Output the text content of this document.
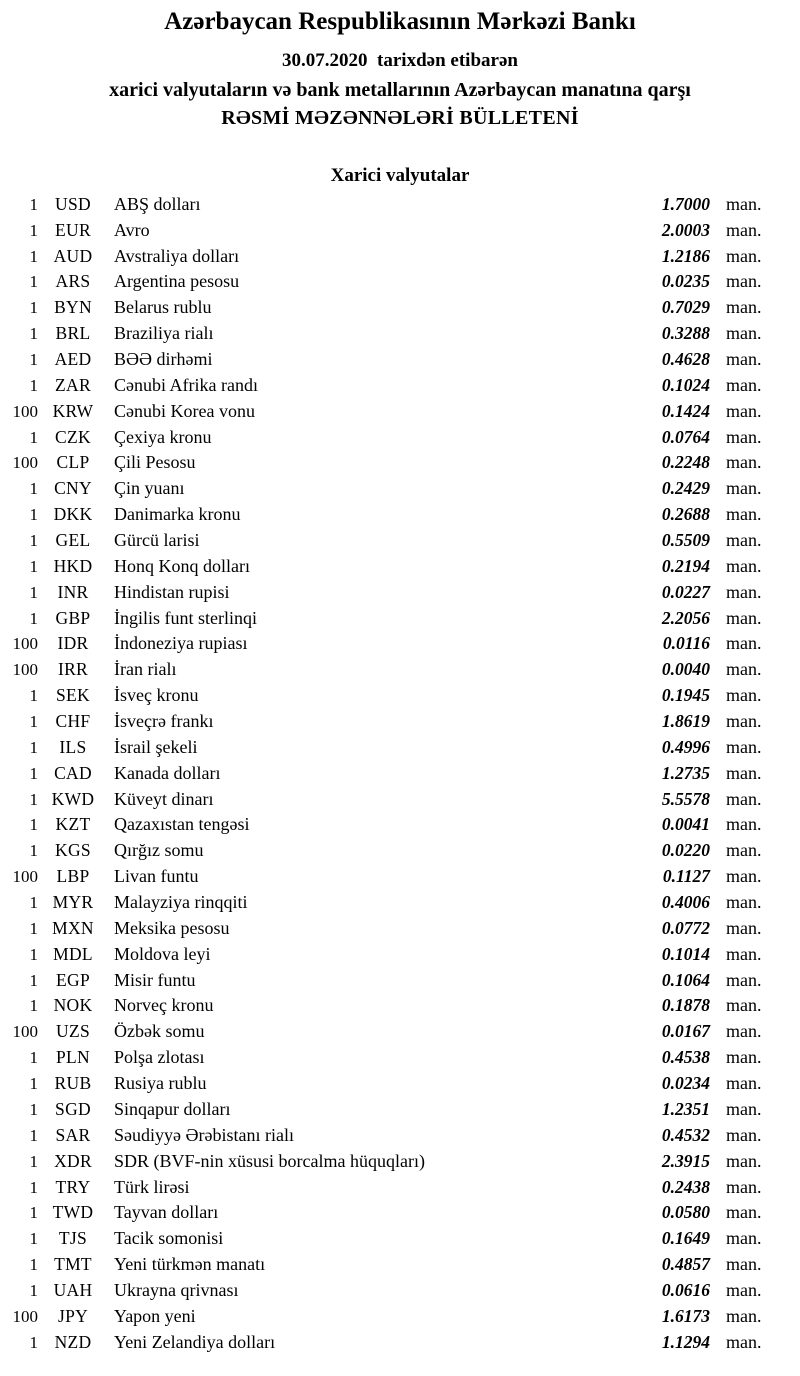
Azərbaycan Respublikasının Mərkəzi Bankı
30.07.2020  tarixdən etibarən
xarici valyutaların və bank metallarının Azərbaycan manatına qarşı
RƏSMİ MƏZƏNNƏLƏRİ BÜLLETENİ
Xarici valyutalar
1 USD	ABŞ dolları	1.7000 man.
1 EUR	Avro	2.0003 man.
1 AUD	Avstraliya dolları	1.2186 man.
1	ARS	Argentina pesosu	0.0235 man.
1 BYN	Belarus rublu	0.7029 man.
1	BRL	Braziliya rialı	0.3288 man.
1 AED	BƏƏ dirhəmi	0.4628 man.
1 ZAR	Cənubi Afrika randı	0.1024 man.
100 KRW	Cənubi Korea vonu	0.1424 man.
1 CZK	Çexiya kronu	0.0764 man.
100	CLP	Çili Pesosu	0.2248 man.
1 CNY	Çin yuanı	0.2429 man.
1 DKK	Danimarka kronu	0.2688 man.
1	GEL	Gürcü larisi	0.5509 man.
1 HKD	Honq Konq dolları	0.2194 man.
1	INR	Hindistan rupisi	0.0227 man.
1	GBP	İngilis funt sterlinqi	2.2056 man.
100	IDR	İndoneziya rupiası	0.0116 man.
100	IRR	İran rialı	0.0040 man.
1	SEK	İsveç kronu	0.1945 man.
1	CHF	İsveçrə frankı	1.8619 man.
1	ILS	İsrail şekeli	0.4996 man.
1 CAD	Kanada dolları	1.2735 man.
1 KWD	Küveyt dinarı	5.5578 man.
1	KZT	Qazaxıstan tengəsi	0.0041 man.
1 KGS	Qırğız somu	0.0220 man.
100	LBP	Livan funtu	0.1127 man.
1 MYR	Malayziya rinqqiti	0.4006 man.
1 MXN	Meksika pesosu	0.0772 man.
1 MDL	Moldova leyi	0.1014 man.
1	EGP	Misir funtu	0.1064 man.
1 NOK	Norveç kronu	0.1878 man.
100	UZS	Özbək somu	0.0167 man.
1	PLN	Polşa zlotası	0.4538 man.
1 RUB	Rusiya rublu	0.0234 man.
1 SGD	Sinqapur dolları	1.2351 man.
1	SAR	Səudiyyə Ərəbistanı rialı	0.4532 man.
1 XDR	SDR (BVF-nin xüsusi borcalma hüquqları)	2.3915 man.
1	TRY	Türk lirəsi	0.2438 man.
1 TWD	Tayvan dolları	0.0580 man.
1	TJS	Tacik somonisi	0.1649 man.
1 TMT	Yeni türkmən manatı	0.4857 man.
1 UAH	Ukrayna qrivnası	0.0616 man.
100	JPY	Yapon yeni	1.6173 man.
1 NZD	Yeni Zelandiya dolları	1.1294 man.
